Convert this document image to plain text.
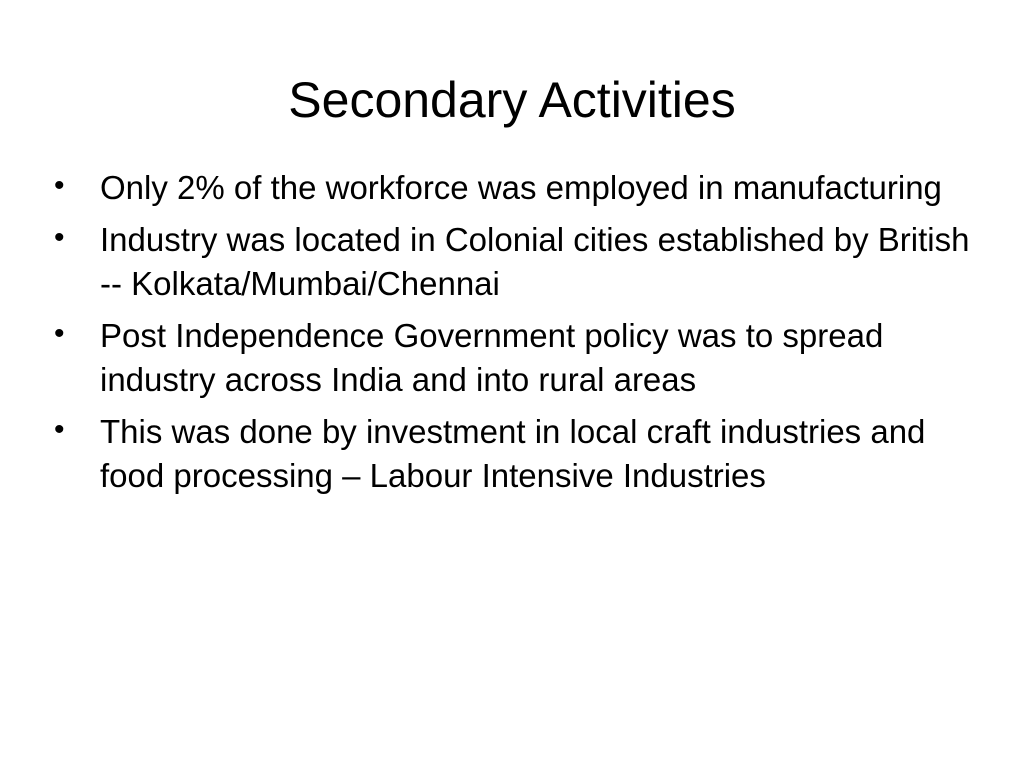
Secondary Activities
•	Only 2% of the workforce was employed in manufacturing
•	Industry was located in Colonial cities established by British -- Kolkata/Mumbai/Chennai
•	Post Independence Government policy was to spread industry across India and into rural areas
•	This was done by investment in local craft industries and food processing – Labour Intensive Industries
